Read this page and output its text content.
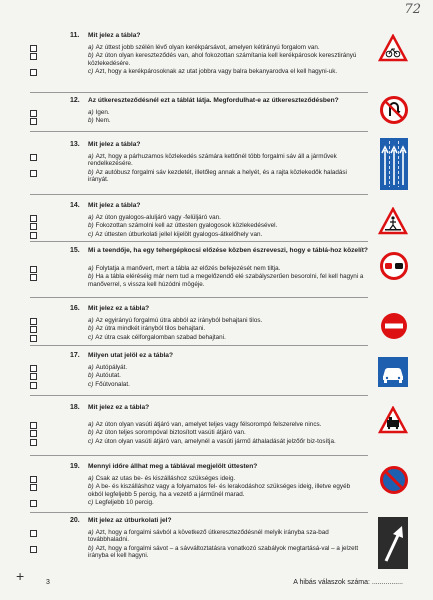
72
11. Mit jelez a tábla?
a) Az úttest jobb szélén lévő olyan kerékpársávot, amelyen kétirányú forgalom van.
b) Az úton olyan kereszteződés van, ahol fokozottan számítania kell kerékpárosok keresztirányú közlekedésére.
c) Azt, hogy a kerékpárosoknak az utat jobbra vagy balra bekanyarodva el kell hagyni-uk.
12. Az útkereszteződésnél ezt a táblát látja. Megfordulhat-e az útkereszteződésben?
a) Igen.
b) Nem.
13. Mit jelez a tábla?
a) Azt, hogy a párhuzamos közlekedés számára kettőnél több forgalmi sáv áll a járművek rendelkezésére.
b) Az autóbusz forgalmi sáv kezdetét, illetőleg annak a helyét, és a rajta közlekedők haladási irányát.
14. Mit jelez a tábla?
a) Az úton gyalogos-aluljáró vagy -felüljáró van.
b) Fokozottan számolni kell az úttesten gyalogosok közlekedésével.
c) Az úttesten útburkolati jellel kijelölt gyalogos-átkelőhely van.
15. Mi a teendője, ha egy tehergépkocsi előzése közben észreveszi, hogy e táblá-hoz közelít?
a) Folytatja a manővert, mert a tábla az előzés befejezését nem tiltja.
b) Ha a tábla eléréséig már nem tud a megelőzendő elé szabályszerűen besorolni, fel kell hagyni a manőverrel, s vissza kell húzódni mögéje.
16. Mit jelez ez a tábla?
a) Az egyirányú forgalmú útra abból az irányból behajtani tilos.
b) Az útra mindkét irányból tilos behajtani.
c) Az útra csak célforgalomban szabad behajtani.
17. Milyen utat jelöl ez a tábla?
a) Autópályát.
b) Autóutat.
c) Főútvonalat.
18. Mit jelez ez a tábla?
a) Az úton olyan vasúti átjáró van, amelyet teljes vagy félsorompó felszerelve nincs.
b) Az úton teljes sorompóval biztosított vasúti átjáró van.
c) Az úton olyan vasúti átjáró van, amelynél a vasúti jármű áthaladását jelzőőr biz-tosítja.
19. Mennyi időre állhat meg a táblával megjelölt úttesten?
a) Csak az utas be- és kiszálláshoz szükséges ideig.
b) A be- és kiszálláshoz vagy a folyamatos fel- és lerakodáshoz szükséges ideig, illetve egyéb okból legfeljebb 5 percig, ha a vezető a járműnél marad.
c) Legfeljebb 10 percig.
20. Mit jelez az útburkolati jel?
a) Azt, hogy a forgalmi sávból a következő útkereszteződésnél melyik irányba sza-bad továbbhaladni.
b) Azt, hogy a forgalmi sávot – a sávváltoztatásra vonatkozó szabályok megtartásá-val – a jelzett irányba el kell hagyni.
+	3	A hibás válaszok száma: ................
